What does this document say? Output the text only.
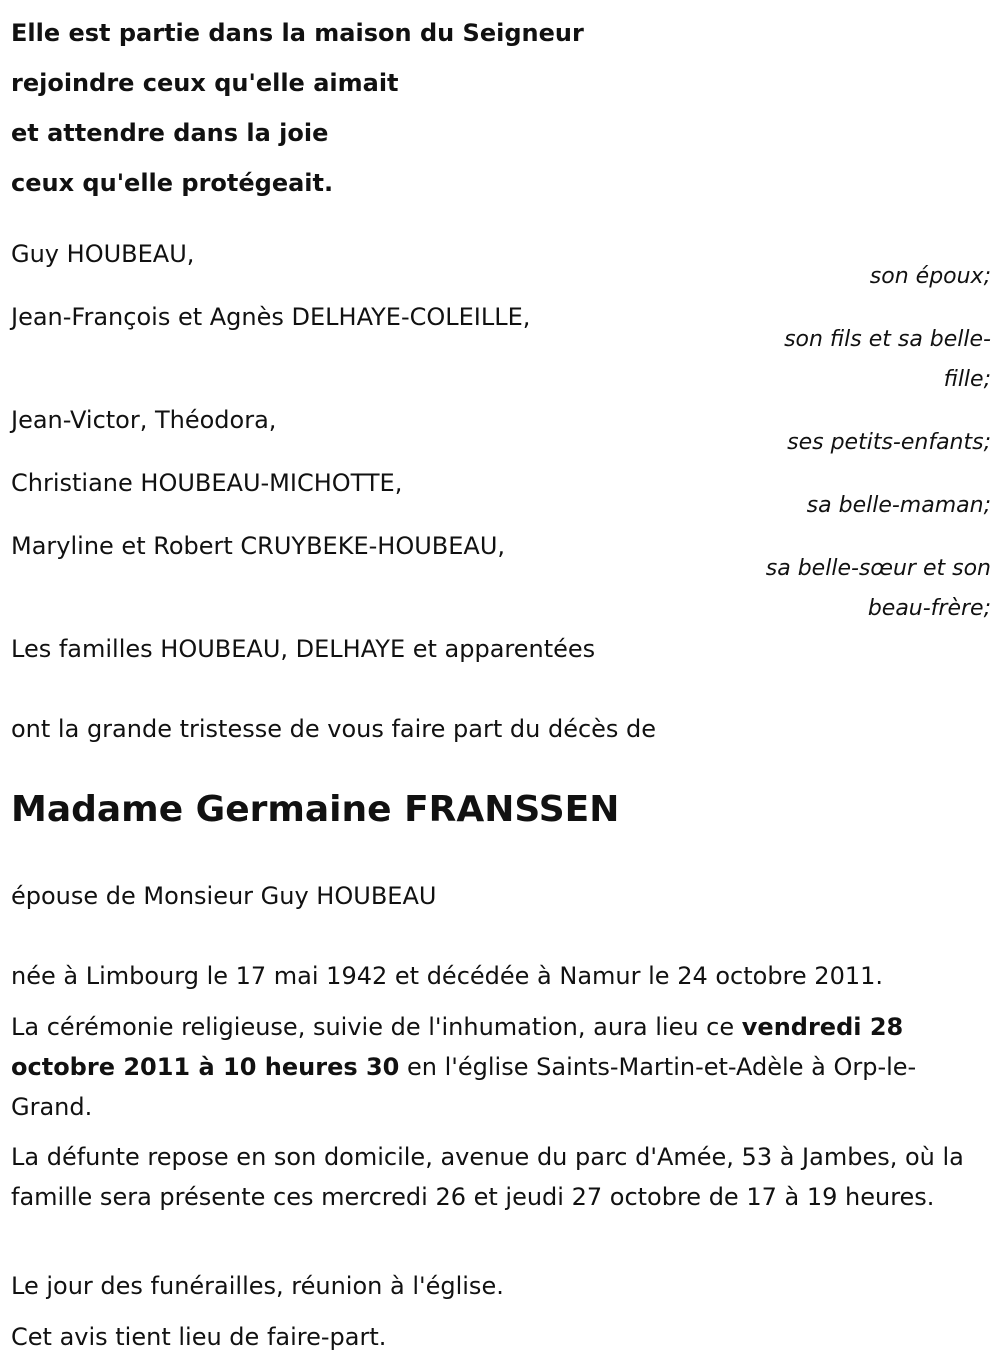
Elle est partie dans la maison du Seigneur
rejoindre ceux qu'elle aimait
et attendre dans la joie
ceux qu'elle protégeait.
Guy HOUBEAU,
son époux;
Jean-François et Agnès DELHAYE-COLEILLE,
son fils et sa belle-fille;
Jean-Victor, Théodora,
ses petits-enfants;
Christiane HOUBEAU-MICHOTTE,
sa belle-maman;
Maryline et Robert CRUYBEKE-HOUBEAU,
sa belle-sœur et son beau-frère;
Les familles HOUBEAU, DELHAYE et apparentées
ont la grande tristesse de vous faire part du décès de
Madame Germaine FRANSSEN
épouse de Monsieur Guy HOUBEAU
née à Limbourg le 17 mai 1942 et décédée à Namur le 24 octobre 2011.
La cérémonie religieuse, suivie de l'inhumation, aura lieu ce vendredi 28 octobre 2011 à 10 heures 30 en l'église Saints-Martin-et-Adèle à Orp-le-Grand.
La défunte repose en son domicile, avenue du parc d'Amée, 53 à Jambes, où la famille sera présente ces mercredi 26 et jeudi 27 octobre de 17 à 19 heures.
Le jour des funérailles, réunion à l'église.
Cet avis tient lieu de faire-part.
